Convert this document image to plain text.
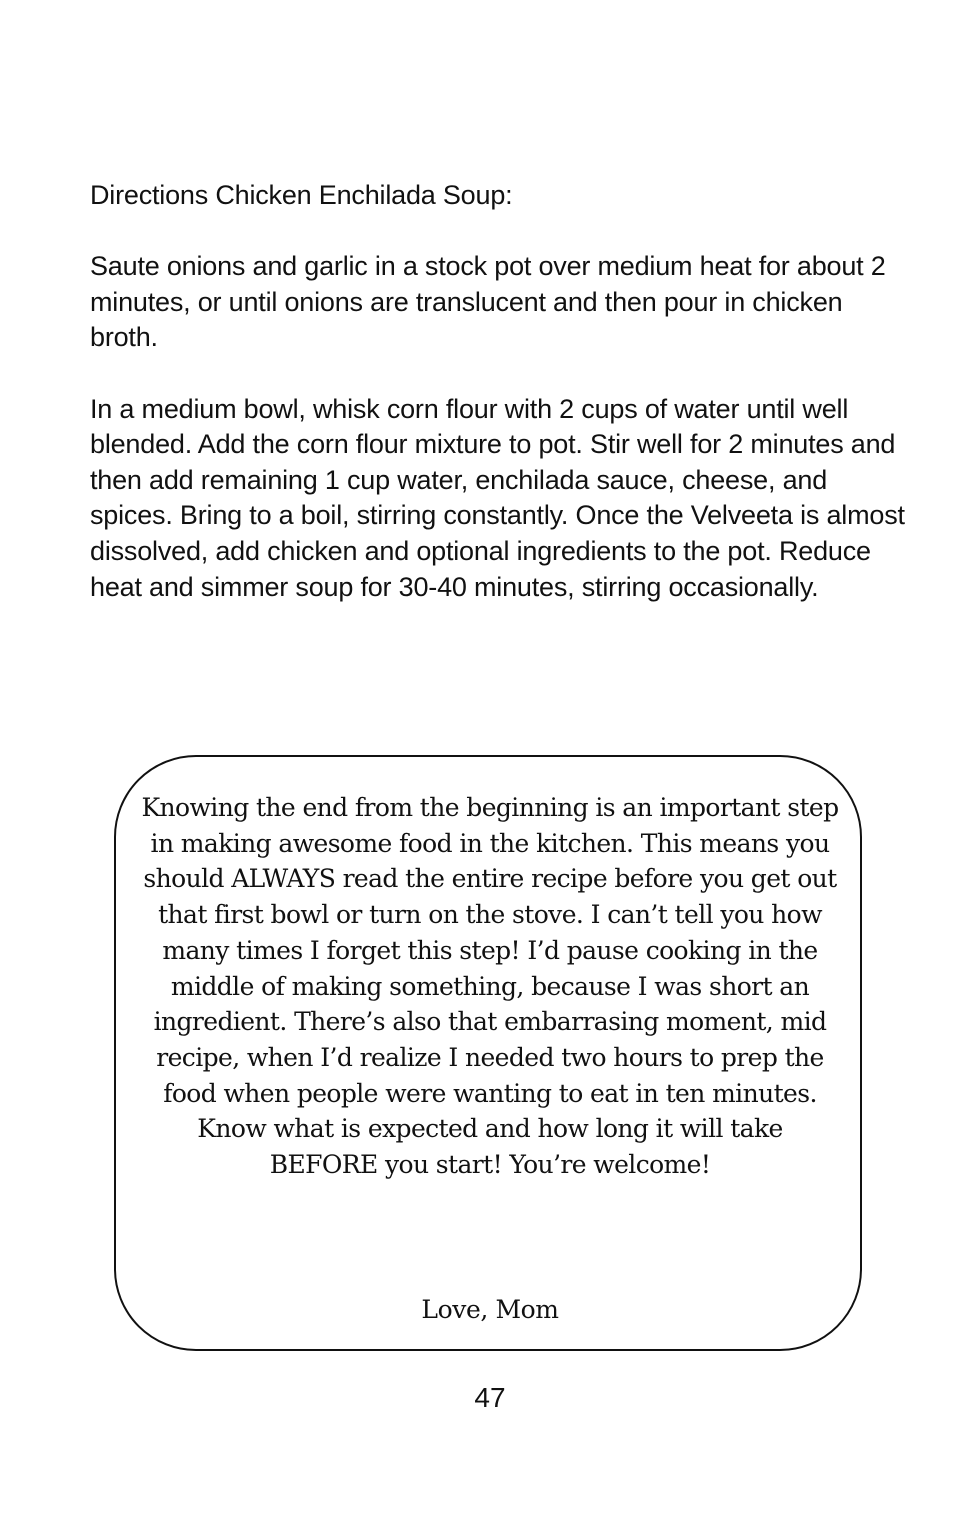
Directions Chicken Enchilada Soup:

Saute onions and garlic in a stock pot over medium heat for about 2 minutes, or until onions are translucent and then pour in chicken broth.

In a medium bowl, whisk corn flour with 2 cups of water until well blended. Add the corn flour mixture to pot. Stir well for 2 minutes and then add remaining 1 cup water, enchilada sauce, cheese, and spices. Bring to a boil, stirring constantly. Once the Velveeta is almost dissolved, add chicken and optional ingredients to the pot. Reduce heat and simmer soup for 30-40 minutes, stirring occasionally.

Knowing the end from the beginning is an important step in making awesome food in the kitchen. This means you should ALWAYS read the entire recipe before you get out that first bowl or turn on the stove. I can’t tell you how many times I forget this step! I’d pause cooking in the middle of making something, because I was short an ingredient. There’s also that embarrasing moment, mid recipe, when I’d realize I needed two hours to prep the food when people were wanting to eat in ten minutes. Know what is expected and how long it will take BEFORE you start! You’re welcome!

Love, Mom
47
